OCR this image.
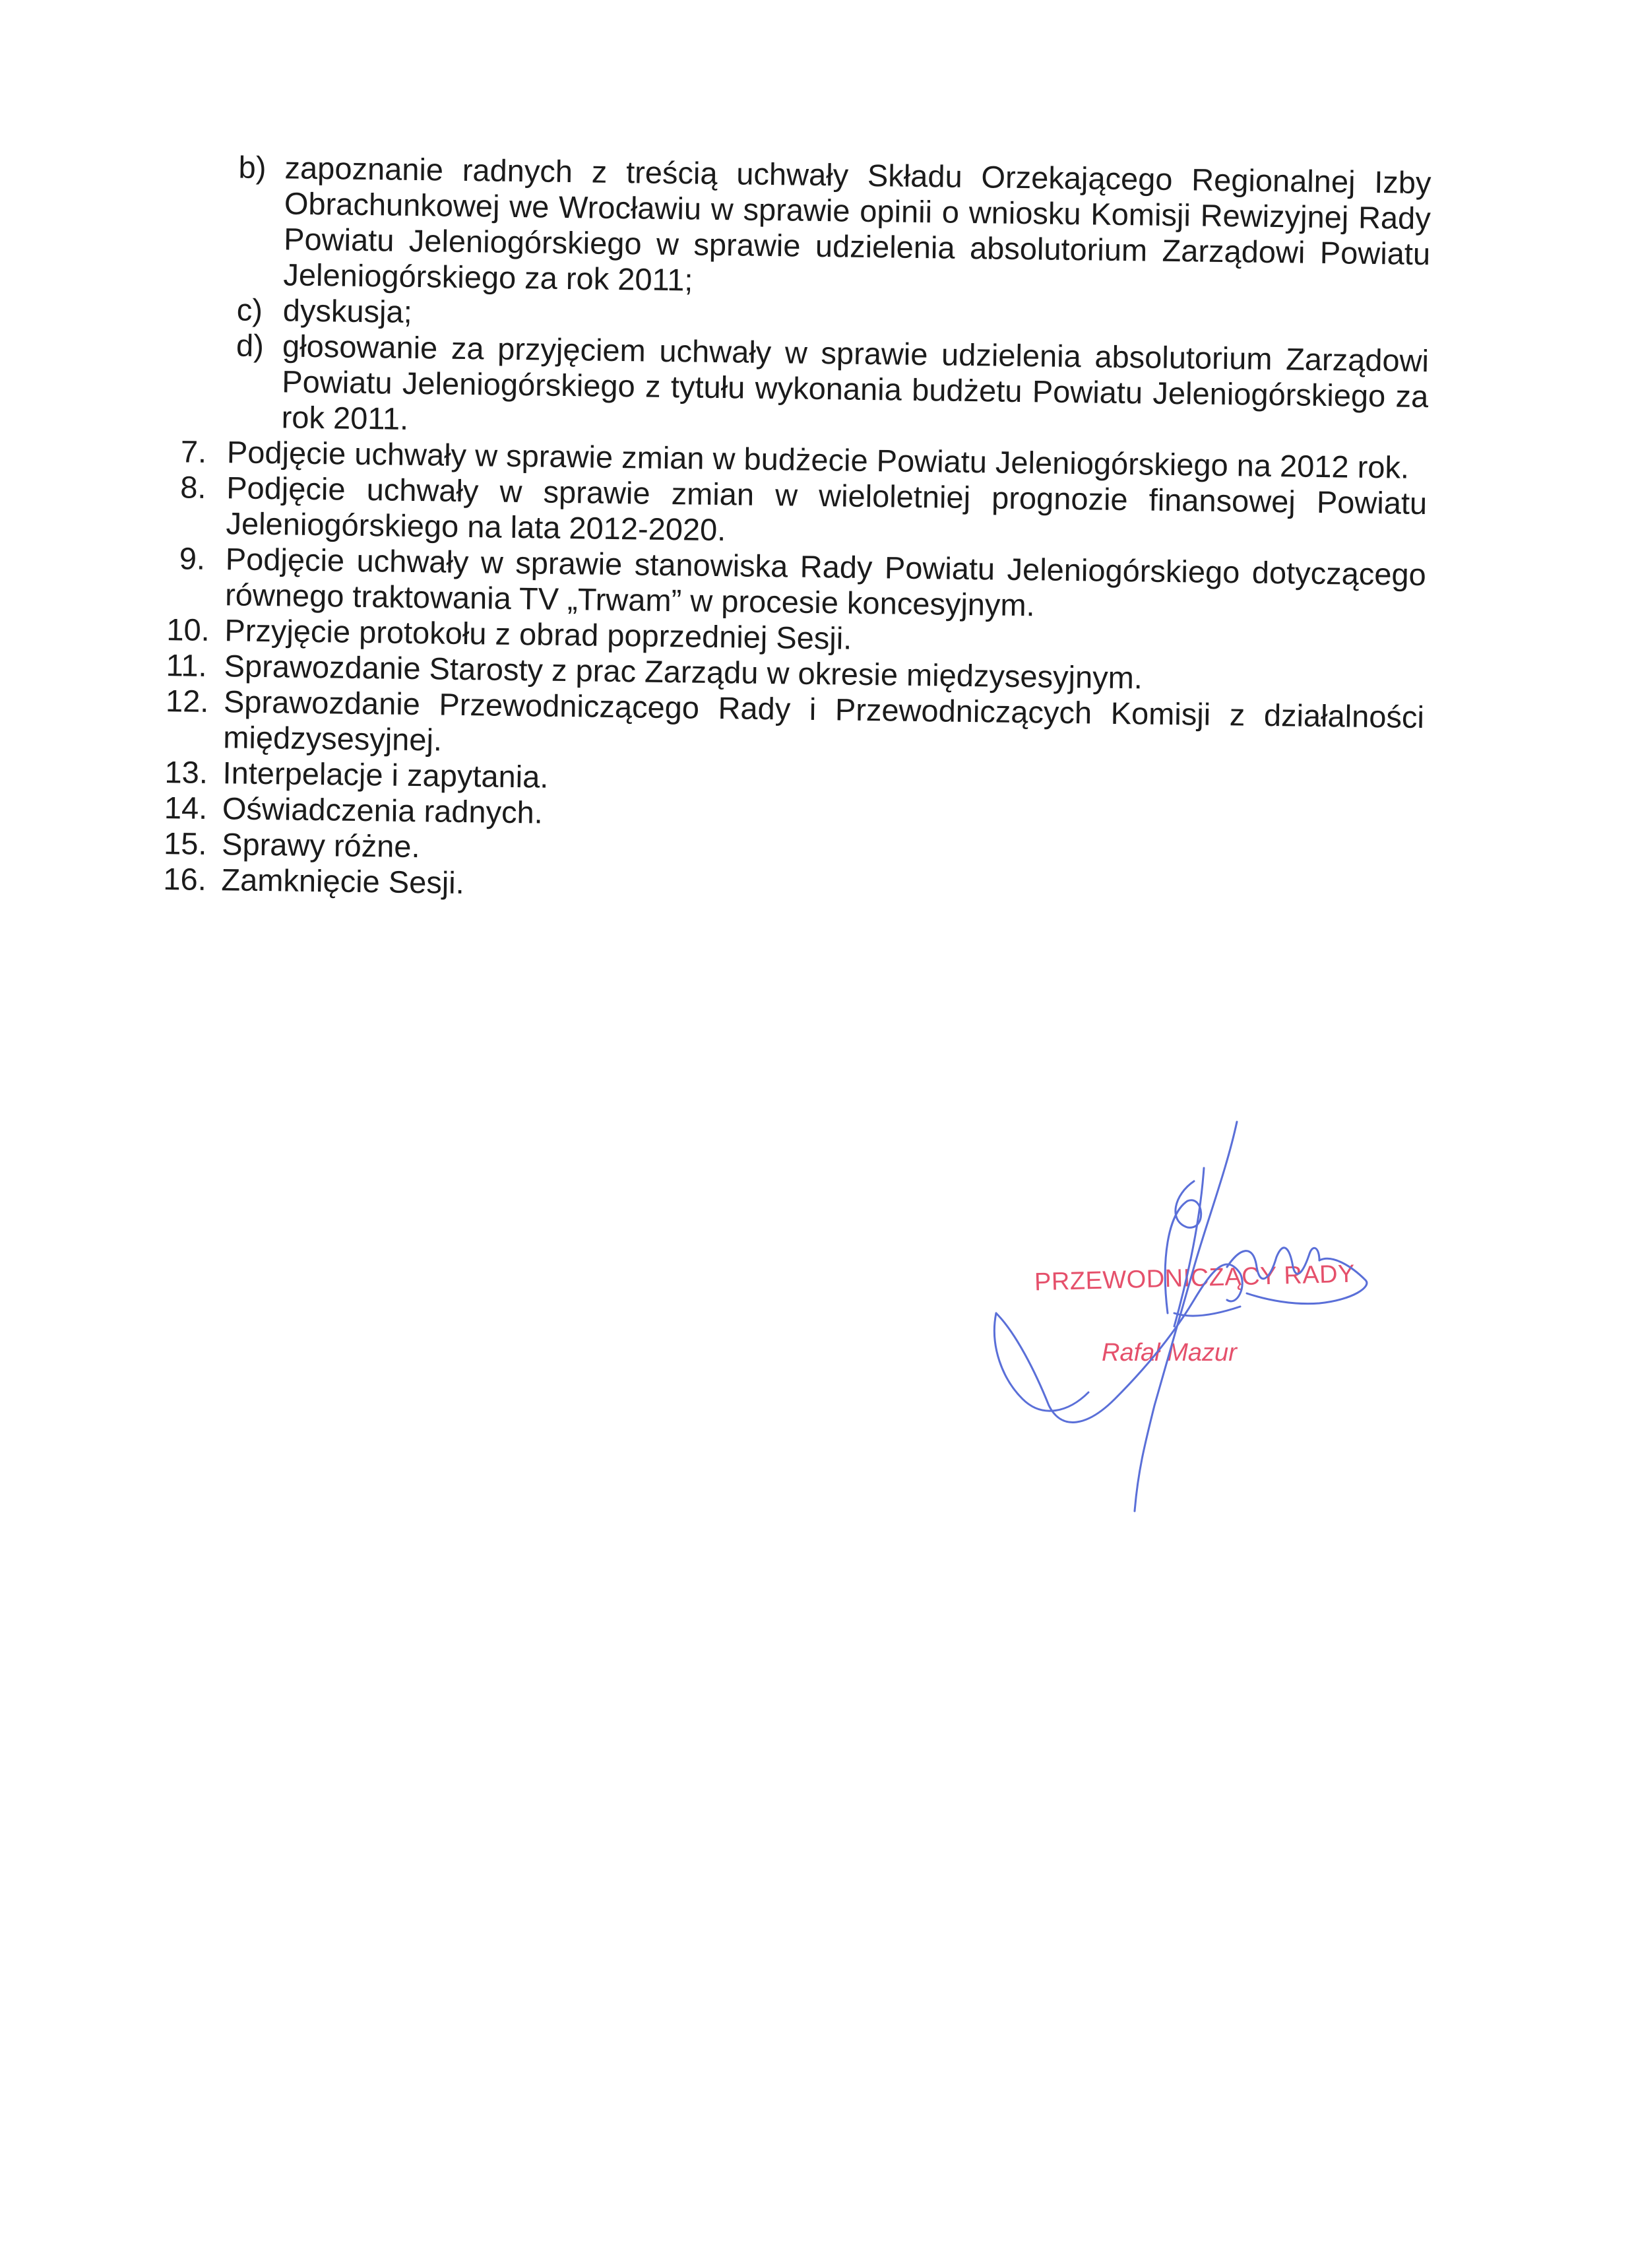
b) zapoznanie radnych z treścią uchwały Składu Orzekającego Regionalnej Izby Obrachunkowej we Wrocławiu w sprawie opinii o wniosku Komisji Rewizyjnej Rady Powiatu Jeleniogórskiego w sprawie udzielenia absolutorium Zarządowi Powiatu Jeleniogórskiego za rok 2011;
c) dyskusja;
d) głosowanie za przyjęciem uchwały w sprawie udzielenia absolutorium Zarządowi Powiatu Jeleniogórskiego z tytułu wykonania budżetu Powiatu Jeleniogórskiego za rok 2011.
7. Podjęcie uchwały w sprawie zmian w budżecie Powiatu Jeleniogórskiego na 2012 rok.
8. Podjęcie uchwały w sprawie zmian w wieloletniej prognozie finansowej Powiatu Jeleniogórskiego na lata 2012-2020.
9. Podjęcie uchwały w sprawie stanowiska Rady Powiatu Jeleniogórskiego dotyczącego równego traktowania TV „Trwam” w procesie koncesyjnym.
10. Przyjęcie protokołu z obrad poprzedniej Sesji.
11. Sprawozdanie Starosty z prac Zarządu w okresie międzysesyjnym.
12. Sprawozdanie Przewodniczącego Rady i Przewodniczących Komisji z działalności międzysesyjnej.
13. Interpelacje i zapytania.
14. Oświadczenia radnych.
15. Sprawy różne.
16. Zamknięcie Sesji.
PRZEWODNICZĄCY RADY
Rafał Mazur
